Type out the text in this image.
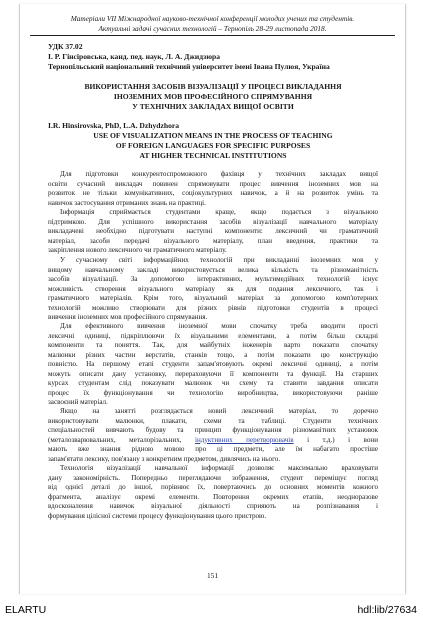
Матеріали VІІ Міжнародної науково-технічної конференції молодих учених та студентів.
Актуальні задачі сучасних технологій – Тернопіль 28-29 листопада 2018.
УДК 37.02
І. Р. Гінсіровська, канд. пед. наук, Л. А. Джидзюра
Тернопільський національний технічний університет імені Івана Пулюя, Україна
ВИКОРИСТАННЯ ЗАСОБІВ ВІЗУАЛІЗАЦІЇ У ПРОЦЕСІ ВИКЛАДАННЯ
ІНОЗЕМНИХ МОВ ПРОФЕСІЙНОГО СПРЯМУВАННЯ
У ТЕХНІЧНИХ ЗАКЛАДАХ ВИЩОЇ ОСВІТИ
I.R. Hinsirovska, PhD, L.A. Dzhydzhora
USE OF VISUALIZATION MEANS IN THE PROCESS OF TEACHING
OF FOREIGN LANGUAGES FOR SPECIFIC PURPOSES
AT HIGHER TECHNICAL INSTITUTIONS
Для підготовки конкурентоспроможного фахівця у технічних закладах вищої
освіти сучасний викладач повинен спрямовувати процес вивчення іноземних мов на
розвиток не тільки комунікативних, соціокультурних навичок, а й на розвиток умінь та
навичок застосування отриманих знань на практиці.
Інформація сприймається студентами краще, якщо подається з візуальною
підтримкою. Для успішного використання засобів візуалізації навчального матеріалу
викладачеві необхідно підготувати наступні компоненти: лексичний чи граматичний
матеріал, засоби передачі візуального матеріалу, план введення, практики та
закріплення нового лексичного чи граматичного матеріалу.
У сучасному світі інформаційних технологій при викладанні іноземних мов у
вищому навчальному закладі використовується велика кількість та різноманітність
засобів візуалізації. За допомогою інтерактивних, мультимедійних технологій існує
можливість створення візуального матеріалу як для подання лексичного, так і
граматичного матеріалів. Крім того, візуальний матеріал за допомогою комп'ютерних
технологій можливо створювати для різних рівнів підготовки студентів в процесі
вивчення іноземних мов професійного спрямування.
Для ефективного вивчення іноземної мови спочатку треба вводити прості
лексичні одиниці, підкріплюючи їх візуальними елементами, а потім більш складні
компоненти та поняття. Так, для майбутніх інженерів варто показати спочатку
малюнки різних частин верстатів, станків тощо, а потім показати цю конструкцію
повністю. На першому етапі студенти запам'ятовують окремі лексичні одиниці, а потім
можуть описати дану установку, перераховуючи її компоненти та функції. На старших
курсах студентам слід показувати малюнок чи схему та ставити завдання описати
процес їх функціонування чи технологію виробництва, використовуючи раніше
засвоєний матеріал.
Якщо на занятті розглядається новий лексичний матеріал, то доречно
використовувати малюнки, плакати, схеми та таблиці. Студенти технічних
спеціальностей вивчають будову та принцип функціонування різноманітних установок
(металозварювальних, металорізальних, індуктивних перетворювачів і т.д.) і вони
мають вже знання рідною мовою про ці предмети, але їм набагато простіше
запам'ятати лексику, пов'язану з конкретним предметом, дивлячись на нього.
Технологія візуалізації навчальної інформації дозволяє максимально враховувати
дану закономірність. Попередньо переглядаючи зображення, студент переміщує погляд
від однієї деталі до іншої, порівнює їх, повертаючись до основних моментів кожного
фрагмента, аналізує окремі елементи. Повторення окремих етапів, неодноразове
вдосконалення навичок візуальної діяльності сприяють на розпізнавання і
формування цілісної системи процесу функціонування цього пристрою.
151
ELARTU	hdl:lib/27634
